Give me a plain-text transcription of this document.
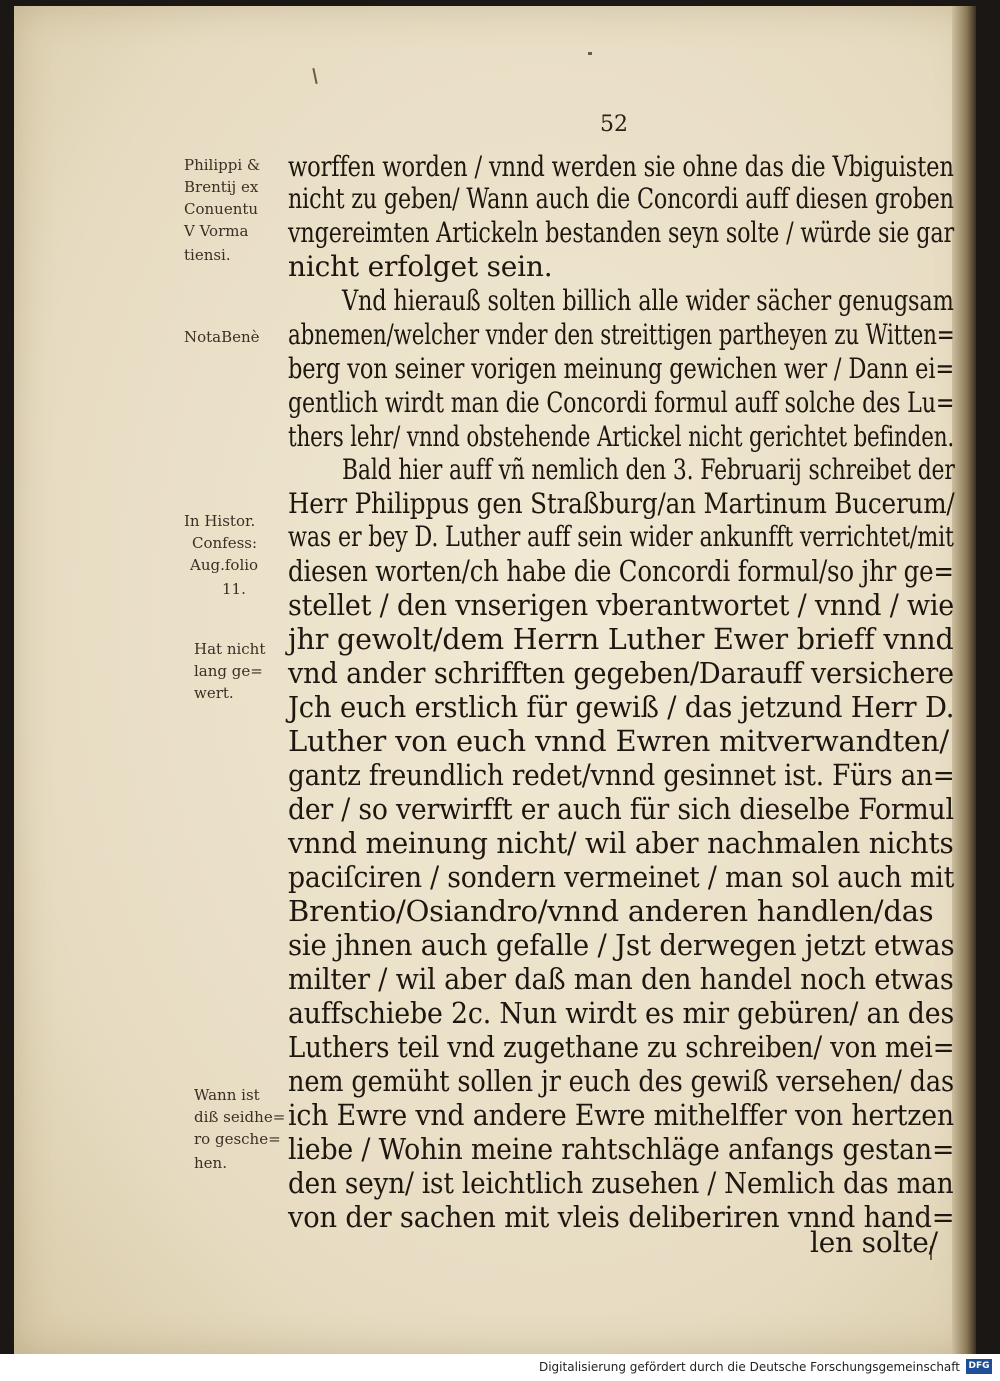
52
worffen worden / vnnd werden sie ohne das die Vbiguisten
nicht zu geben/ Wann auch die Concordi auff diesen groben
vngereimten Artickeln bestanden seyn solte / würde sie gar
nicht erfolget sein.
Vnd hierauß solten billich alle wider sächer genugsam
abnemen/welcher vnder den streittigen partheyen zu Witten=
berg von seiner vorigen meinung gewichen wer / Dann ei=
gentlich wirdt man die Concordi formul auff solche des Lu=
thers lehr/ vnnd obstehende Artickel nicht gerichtet befinden.
Bald hier auff vñ nemlich den 3. Februarij schreibet der
Herr Philippus gen Straßburg/an Martinum Bucerum/
was er bey D. Luther auff sein wider ankunfft verrichtet/mit
diesen worten/ch habe die Concordi formul/so jhr ge=
stellet / den vnserigen vberantwortet / vnnd / wie
jhr gewolt/dem Herrn Luther Ewer brieff vnnd
vnd ander schrifften gegeben/Darauff versichere
Jch euch erstlich für gewiß / das jetzund Herr D.
Luther von euch vnnd Ewren mitverwandten/
gantz freundlich redet/vnnd gesinnet ist. Fürs an=
der / so verwirfft er auch für sich dieselbe Formul
vnnd meinung nicht/ wil aber nachmalen nichts
paciſciren / sondern vermeinet / man sol auch mit
Brentio/Osiandro/vnnd anderen handlen/das
sie jhnen auch gefalle / Jst derwegen jetzt etwas
milter / wil aber daß man den handel noch etwas
auffschiebe 2c. Nun wirdt es mir gebüren/ an des
Luthers teil vnd zugethane zu schreiben/ von mei=
nem gemüht sollen jr euch des gewiß versehen/ das
ich Ewre vnd andere Ewre mithelffer von hertzen
liebe / Wohin meine rahtschläge anfangs gestan=
den seyn/ ist leichtlich zusehen / Nemlich das man
von der sachen mit vleis deliberiren vnnd hand=
len solte/
Philippi &
Brentij ex
Conuentu
V Vorma
tiensi.
NotaBenè
In Histor.
Confess:
Aug.folio
11.
Hat nicht
lang ge=
wert.
Wann ist
diß seidhe=
ro gesche=
hen.
Digitalisierung gefördert durch die Deutsche Forschungsgemeinschaft DFG
